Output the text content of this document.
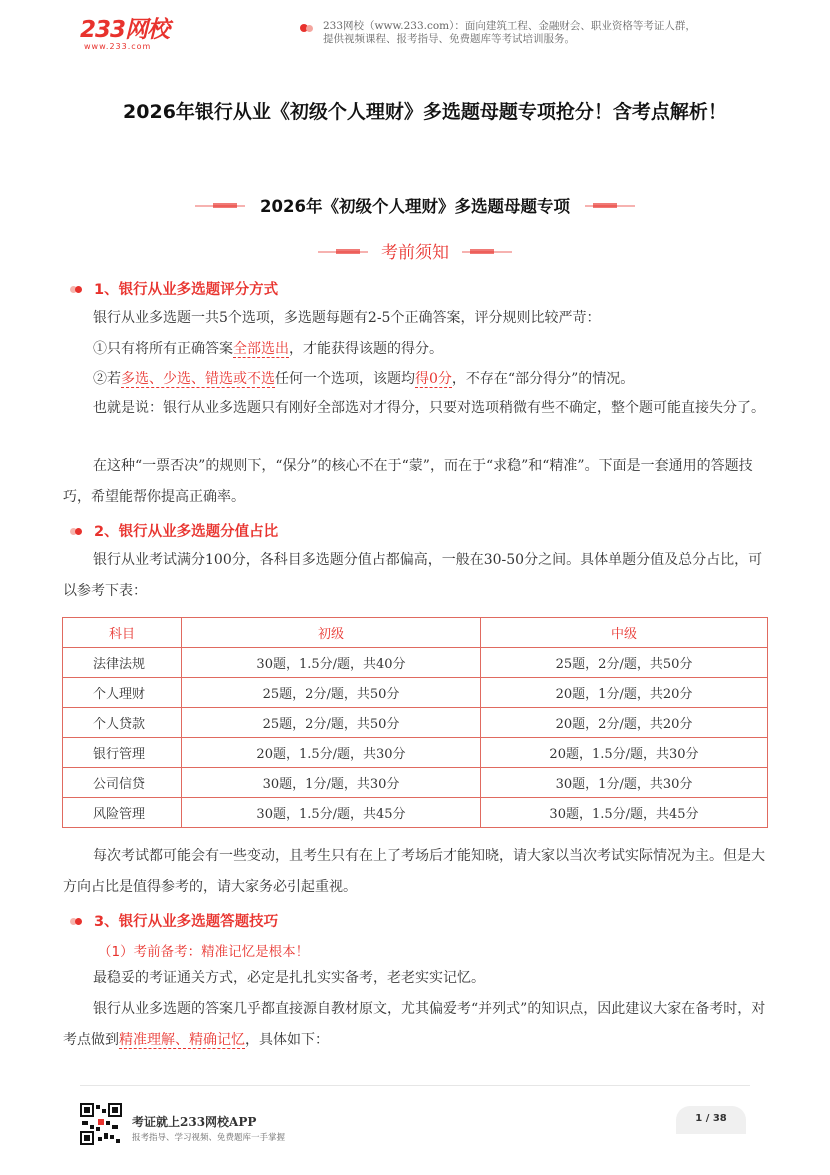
233网校
www.233.com
233网校（www.233.com）：面向建筑工程、金融财会、职业资格等考证人群，
提供视频课程、报考指导、免费题库等考试培训服务。
2026年银行从业《初级个人理财》多选题母题专项抢分！含考点解析！
2026年《初级个人理财》多选题母题专项
考前须知
1、银行从业多选题评分方式
银行从业多选题一共5个选项，多选题每题有2-5个正确答案，评分规则比较严苛：
①只有将所有正确答案全部选出，才能获得该题的得分。
②若多选、少选、错选或不选任何一个选项，该题均得0分，不存在“部分得分”的情况。
也就是说：银行从业多选题只有刚好全部选对才得分，只要对选项稍微有些不确定，整个题可能直接失分了。
在这种“一票否决”的规则下，“保分”的核心不在于“蒙”，而在于“求稳”和“精准”。下面是一套通用的答题技巧，希望能帮你提高正确率。
2、银行从业多选题分值占比
银行从业考试满分100分，各科目多选题分值占都偏高，一般在30-50分之间。具体单题分值及总分占比，可以参考下表：
科目	初级	中级
法律法规	30题，1.5分/题，共40分	25题，2分/题，共50分
个人理财	25题，2分/题，共50分	20题，1分/题，共20分
个人贷款	25题，2分/题，共50分	20题，2分/题，共20分
银行管理	20题，1.5分/题，共30分	20题，1.5分/题，共30分
公司信贷	30题，1分/题，共30分	30题，1分/题，共30分
风险管理	30题，1.5分/题，共45分	30题，1.5分/题，共45分
每次考试都可能会有一些变动，且考生只有在上了考场后才能知晓，请大家以当次考试实际情况为主。但是大方向占比是值得参考的，请大家务必引起重视。
3、银行从业多选题答题技巧
（1）考前备考：精准记忆是根本！
最稳妥的考证通关方式，必定是扎扎实实备考，老老实实记忆。
银行从业多选题的答案几乎都直接源自教材原文，尤其偏爱考“并列式”的知识点，因此建议大家在备考时，对考点做到精准理解、精确记忆，具体如下：
考证就上233网校APP
报考指导、学习视频、免费题库一手掌握
1 / 38
